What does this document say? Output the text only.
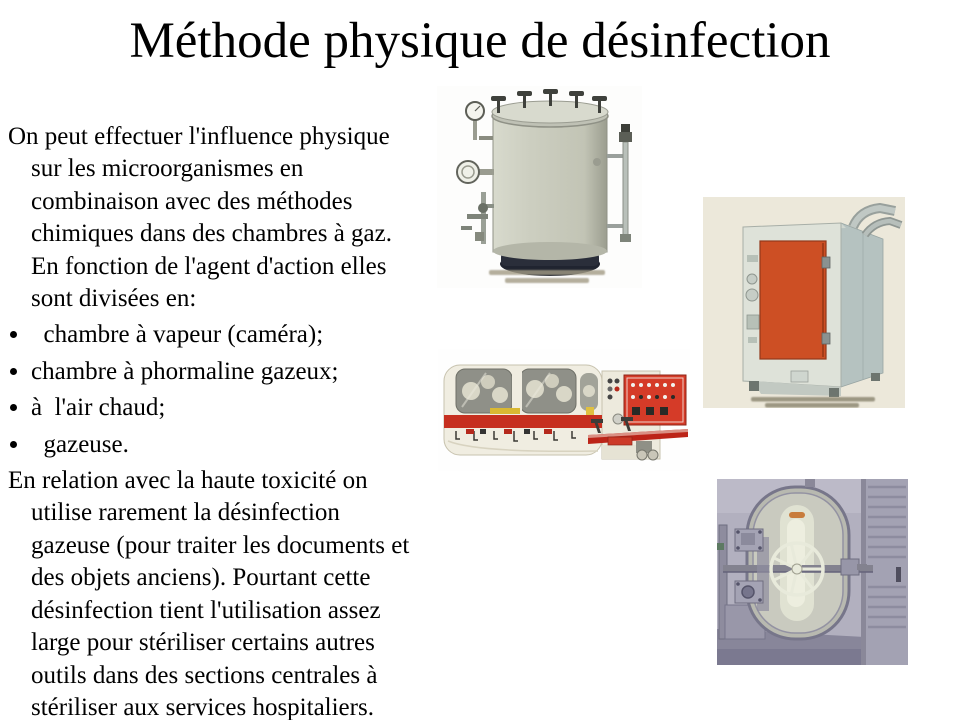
Méthode physique de désinfection
On peut effectuer l'influence physique
sur les microorganismes en
combinaison avec des méthodes
chimiques dans des chambres à gaz.
En fonction de l'agent d'action elles
sont divisées en:
chambre à vapeur (caméra);
chambre à phormaline gazeux;
à  l'air chaud;
gazeuse.
En relation avec la haute toxicité on
utilise rarement la désinfection
gazeuse (pour traiter les documents et
des objets anciens). Pourtant cette
désinfection tient l'utilisation assez
large pour stériliser certains autres
outils dans des sections centrales à
stériliser aux services hospitaliers.
